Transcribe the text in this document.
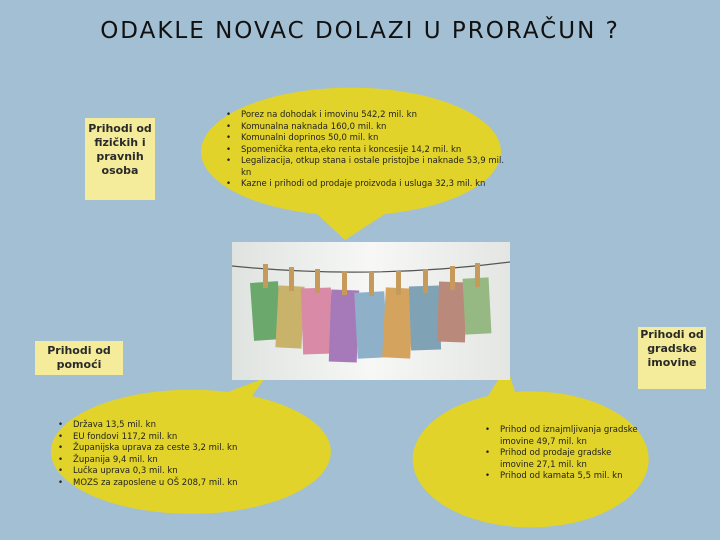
ODAKLE NOVAC DOLAZI U PRORAČUN ?
Prihodi od fizičkih i pravnih osoba
Prihodi od pomoći
Prihodi od gradske imovine
• Porez na dohodak i imovinu 542,2 mil. kn
• Komunalna naknada 160,0 mil. kn
• Komunalni doprinos 50,0 mil. kn
• Spomenička renta,eko renta i koncesije 14,2 mil. kn
• Legalizacija, otkup stana i ostale pristojbe i naknade 53,9 mil. kn
• Kazne i prihodi od prodaje proizvoda i usluga 32,3 mil. kn
• Država 13,5 mil. kn
• EU fondovi 117,2 mil. kn
• Županijska uprava za ceste 3,2 mil. kn
• Županija 9,4 mil. kn
• Lučka uprava 0,3 mil. kn
• MOZS za zaposlene u OŠ 208,7 mil. kn
• Prihod od iznajmljivanja gradske imovine 49,7 mil. kn
• Prihod od prodaje gradske imovine 27,1 mil. kn
• Prihod od kamata 5,5 mil. kn
